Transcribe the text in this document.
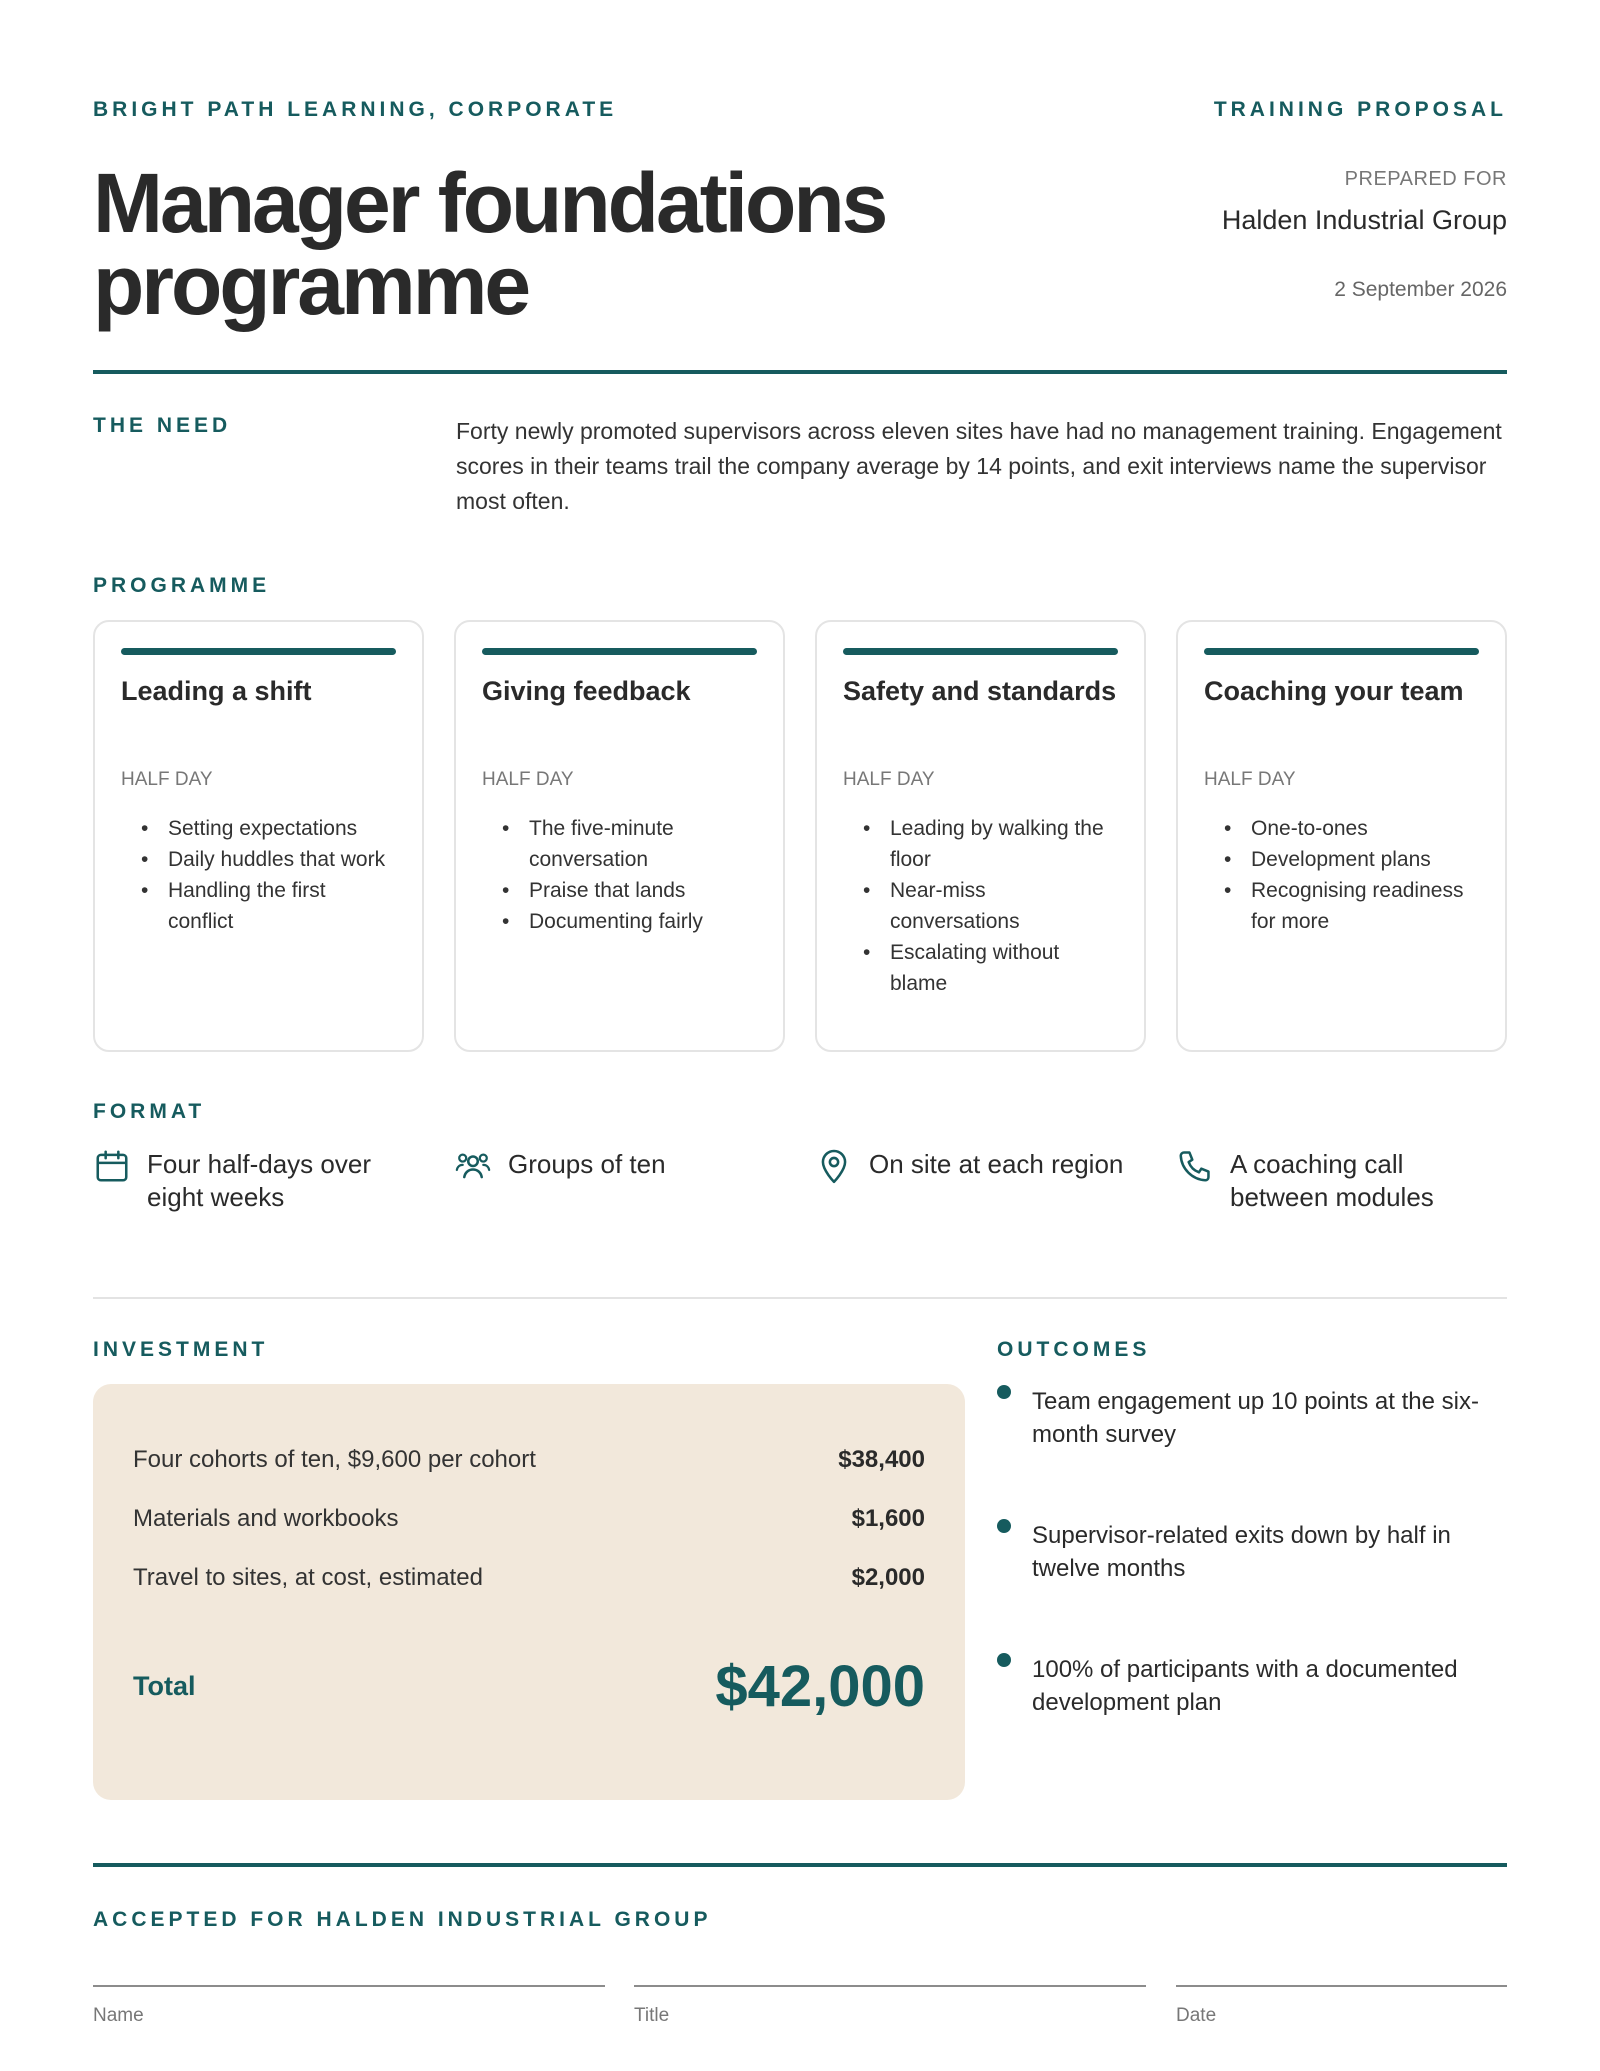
BRIGHT PATH LEARNING, CORPORATE	TRAINING PROPOSAL
Manager foundations programme
PREPARED FOR
Halden Industrial Group
2 September 2026
THE NEED	Forty newly promoted supervisors across eleven sites have had no management training. Engagement scores in their teams trail the company average by 14 points, and exit interviews name the supervisor most often.

PROGRAMME
Leading a shift
HALF DAY
• Setting expectations
• Daily huddles that work
• Handling the first conflict
Giving feedback
HALF DAY
• The five-minute conversation
• Praise that lands
• Documenting fairly
Safety and standards
HALF DAY
• Leading by walking the floor
• Near-miss conversations
• Escalating without blame
Coaching your team
HALF DAY
• One-to-ones
• Development plans
• Recognising readiness for more
FORMAT
Four half-days over eight weeks
Groups of ten	On site at each region	A coaching call between modules
INVESTMENT
Four cohorts of ten, $9,600 per cohort	$38,400
Materials and workbooks	$1,600
Travel to sites, at cost, estimated	$2,000
Total	$42,000
OUTCOMES
Team engagement up 10 points at the six-month survey
Supervisor-related exits down by half in twelve months
100% of participants with a documented development plan
ACCEPTED FOR HALDEN INDUSTRIAL GROUP
Name	Title	Date
